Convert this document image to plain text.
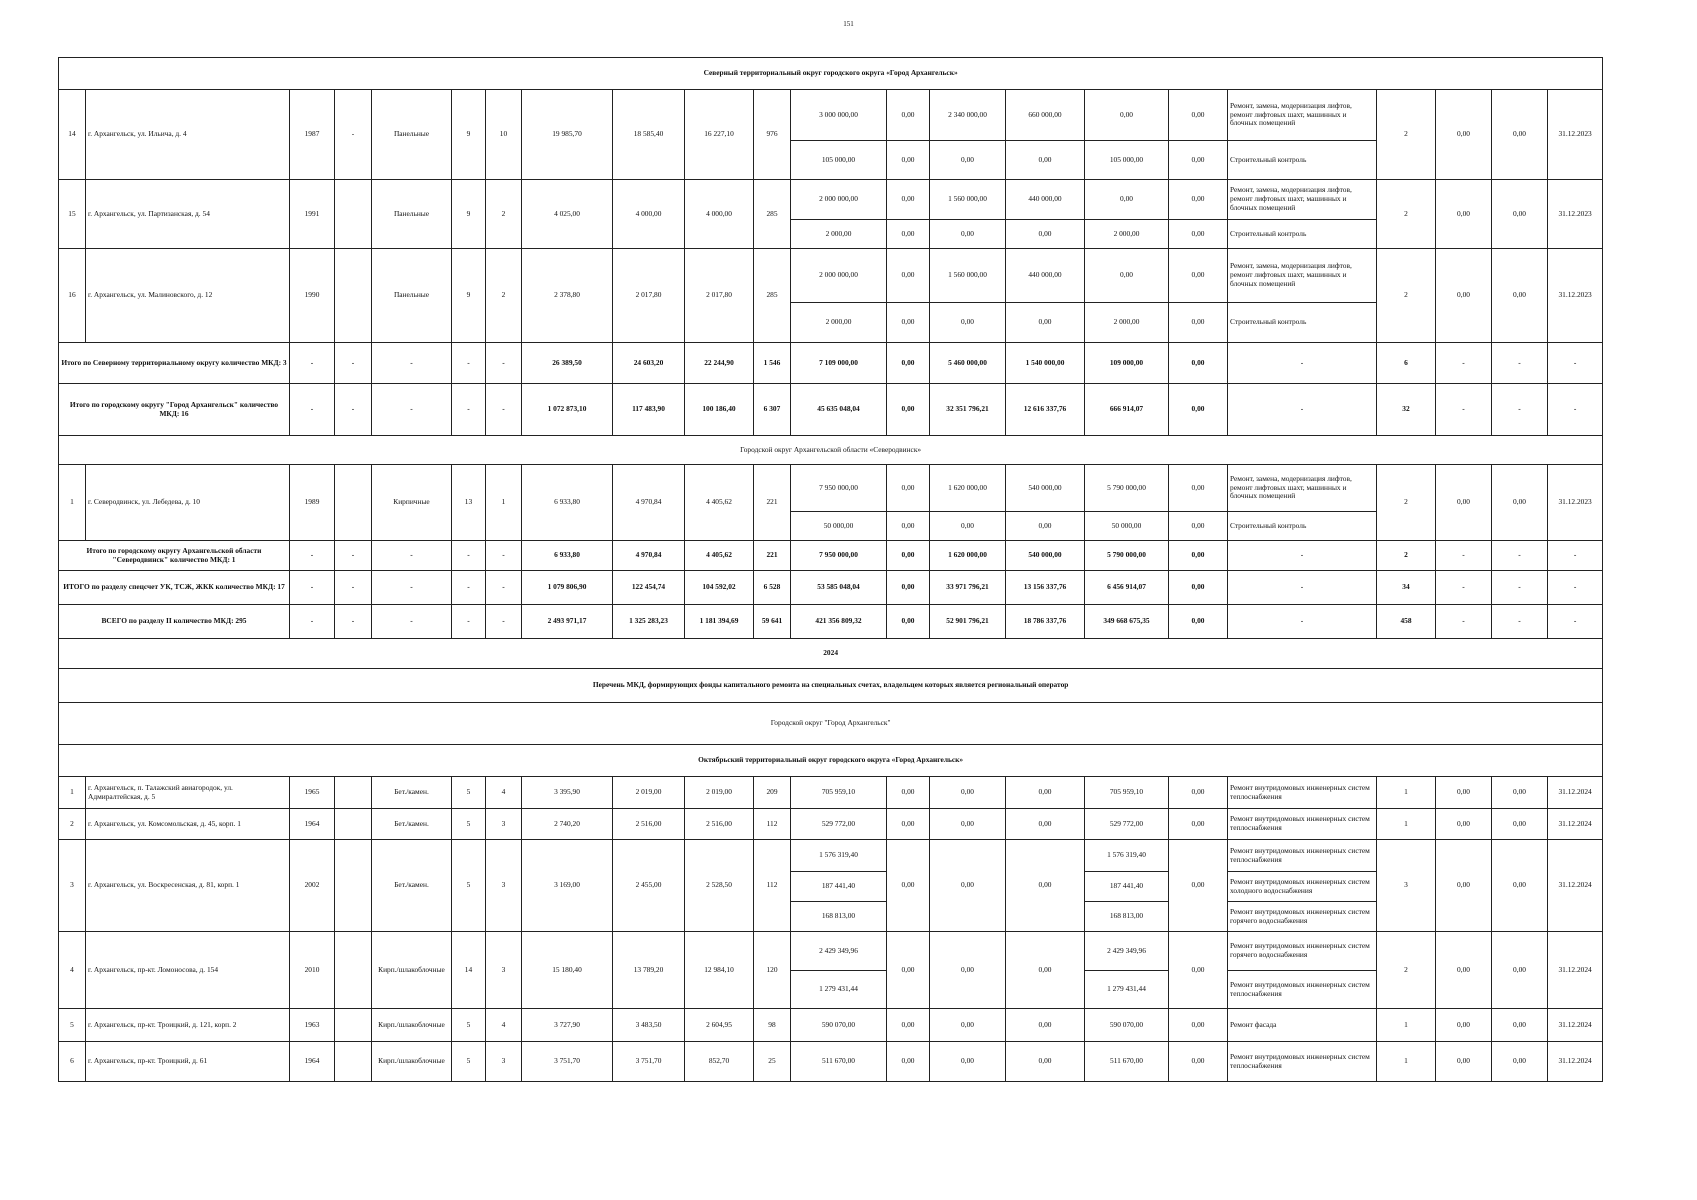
151
Северный территориальный округ городского округа «Город Архангельск»																					
14	г. Архангельск, ул. Ильича, д. 4	1987	-	Панельные	9	10	19 985,70	18 585,40	16 227,10	976	3 000 000,00	0,00	2 340 000,00	660 000,00	0,00	0,00	Ремонт, замена, модернизация лифтов, ремонт лифтовых шахт, машинных и блочных помещений	2	0,00	0,00	31.12.2023
											105 000,00	0,00	0,00	0,00	105 000,00	0,00	Строительный контроль				
15	г. Архангельск, ул. Партизанская, д. 54	1991		Панельные	9	2	4 025,00	4 000,00	4 000,00	285	2 000 000,00	0,00	1 560 000,00	440 000,00	0,00	0,00	Ремонт, замена, модернизация лифтов, ремонт лифтовых шахт, машинных и блочных помещений	2	0,00	0,00	31.12.2023
											2 000,00	0,00	0,00	0,00	2 000,00	0,00	Строительный контроль				
16	г. Архангельск, ул. Малиновского, д. 12	1990		Панельные	9	2	2 378,80	2 017,80	2 017,80	285	2 000 000,00	0,00	1 560 000,00	440 000,00	0,00	0,00	Ремонт, замена, модернизация лифтов, ремонт лифтовых шахт, машинных и блочных помещений	2	0,00	0,00	31.12.2023
											2 000,00	0,00	0,00	0,00	2 000,00	0,00	Строительный контроль				
Итого по Северному территориальному округу количество МКД: 3		-	-	-	-	-	26 389,50	24 603,20	22 244,90	1 546	7 109 000,00	0,00	5 460 000,00	1 540 000,00	109 000,00	0,00	-	6	-	-	-
Итого по городскому округу "Город Архангельск" количество МКД: 16		-	-	-	-	-	1 072 873,10	117 483,90	100 186,40	6 307	45 635 048,04	0,00	32 351 796,21	12 616 337,76	666 914,07	0,00	-	32	-	-	-
Городской округ Архангельской области «Северодвинск»																					
1	г. Северодвинск, ул. Лебедева, д. 10	1989		Кирпичные	13	1	6 933,80	4 970,84	4 405,62	221	7 950 000,00	0,00	1 620 000,00	540 000,00	5 790 000,00	0,00	Ремонт, замена, модернизация лифтов, ремонт лифтовых шахт, машинных и блочных помещений	2	0,00	0,00	31.12.2023
											50 000,00	0,00	0,00	0,00	50 000,00	0,00	Строительный контроль				
Итого по городскому округу Архангельской области "Северодвинск" количество МКД: 1		-	-	-	-	-	6 933,80	4 970,84	4 405,62	221	7 950 000,00	0,00	1 620 000,00	540 000,00	5 790 000,00	0,00	-	2	-	-	-
ИТОГО по разделу спецсчет УК, ТСЖ, ЖКК количество МКД: 17		-	-	-	-	-	1 079 806,90	122 454,74	104 592,02	6 528	53 585 048,04	0,00	33 971 796,21	13 156 337,76	6 456 914,07	0,00	-	34	-	-	-
ВСЕГО по разделу II количество МКД: 295		-	-	-	-	-	2 493 971,17	1 325 283,23	1 181 394,69	59 641	421 356 809,32	0,00	52 901 796,21	18 786 337,76	349 668 675,35	0,00	-	458	-	-	-
2024																					
Перечень МКД, формирующих фонды капитального ремонта на специальных счетах, владельцем которых является региональный оператор																					
Городской округ "Город Архангельск"																					
Октябрьский территориальный округ городского округа «Город Архангельск»																					
1	г. Архангельск, п. Талажский авиагородок, ул. Адмиралтейская, д. 5	1965		Бет./камен.	5	4	3 395,90	2 019,00	2 019,00	209	705 959,10	0,00	0,00	0,00	705 959,10	0,00	Ремонт внутридомовых инженерных систем теплоснабжения	1	0,00	0,00	31.12.2024
2	г. Архангельск, ул. Комсомольская, д. 45, корп. 1	1964		Бет./камен.	5	3	2 740,20	2 516,00	2 516,00	112	529 772,00	0,00	0,00	0,00	529 772,00	0,00	Ремонт внутридомовых инженерных систем теплоснабжения	1	0,00	0,00	31.12.2024
3	г. Архангельск, ул. Воскресенская, д. 81, корп. 1	2002		Бет./камен.	5	3	3 169,00	2 455,00	2 528,50	112	1 576 319,40	0,00	0,00	0,00	1 576 319,40	0,00	Ремонт внутридомовых инженерных систем теплоснабжения	3	0,00	0,00	31.12.2024
											187 441,40				187 441,40		Ремонт внутридомовых инженерных систем холодного водоснабжения				
											168 813,00				168 813,00		Ремонт внутридомовых инженерных систем горячего водоснабжения				
4	г. Архангельск, пр-кт. Ломоносова, д. 154	2010		Кирп./шлакоблочные	14	3	15 180,40	13 789,20	12 984,10	120	2 429 349,96	0,00	0,00	0,00	2 429 349,96	0,00	Ремонт внутридомовых инженерных систем горячего водоснабжения	2	0,00	0,00	31.12.2024
											1 279 431,44				1 279 431,44		Ремонт внутридомовых инженерных систем теплоснабжения				
5	г. Архангельск, пр-кт. Троицкий, д. 121, корп. 2	1963		Кирп./шлакоблочные	5	4	3 727,90	3 483,50	2 604,95	98	590 070,00	0,00	0,00	0,00	590 070,00	0,00	Ремонт фасада	1	0,00	0,00	31.12.2024
6	г. Архангельск, пр-кт. Троицкий, д. 61	1964		Кирп./шлакоблочные	5	3	3 751,70	3 751,70	852,70	25	511 670,00	0,00	0,00	0,00	511 670,00	0,00	Ремонт внутридомовых инженерных систем теплоснабжения	1	0,00	0,00	31.12.2024
